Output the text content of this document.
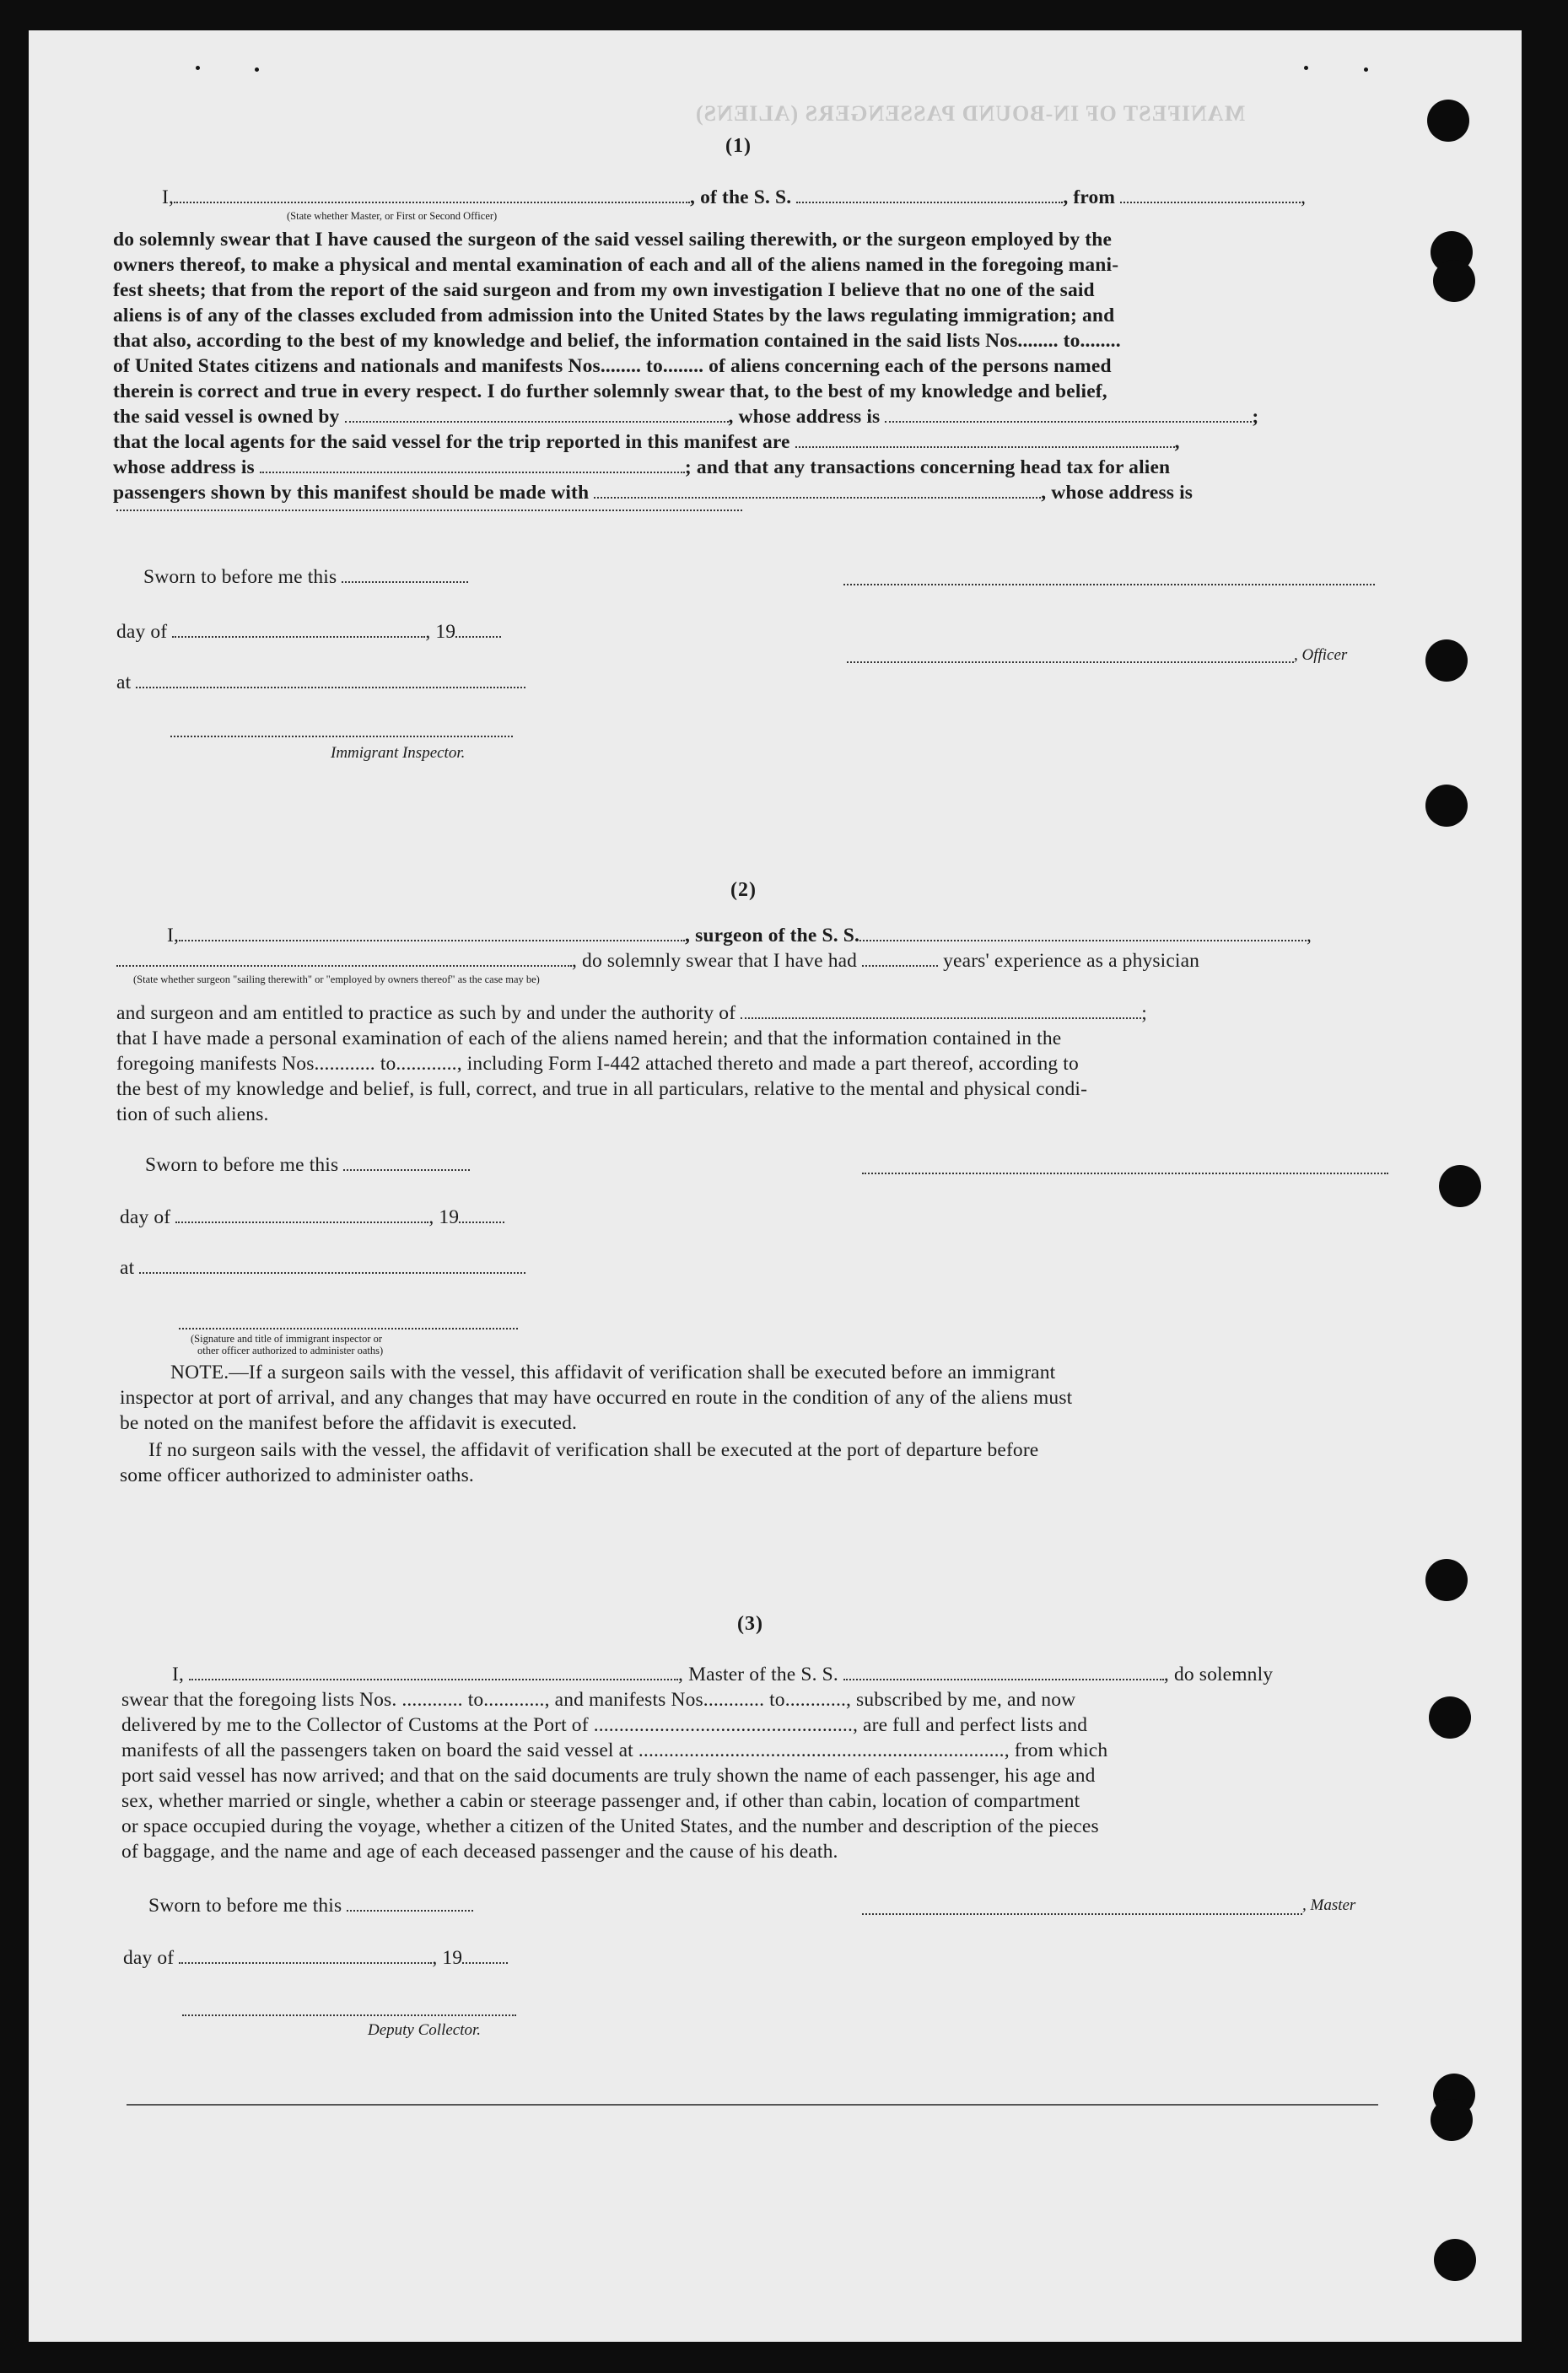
MANIFEST OF IN-BOUND PASSENGERS (ALIENS)
(1)
I,	, of the S. S.	, from	,
(State whether Master, or First or Second Officer)
do solemnly swear that I have caused the surgeon of the said vessel sailing therewith, or the surgeon employed by the
owners thereof, to make a physical and mental examination of each and all of the aliens named in the foregoing mani-
fest sheets; that from the report of the said surgeon and from my own investigation I believe that no one of the said
aliens is of any of the classes excluded from admission into the United States by the laws regulating immigration; and
that also, according to the best of my knowledge and belief, the information contained in the said lists Nos........ to........
of United States citizens and nationals and manifests Nos........ to........ of aliens concerning each of the persons named
therein is correct and true in every respect. I do further solemnly swear that, to the best of my knowledge and belief,
the said vessel is owned by	, whose address is	;
that the local agents for the said vessel for the trip reported in this manifest are	,
whose address is	; and that any transactions concerning head tax for alien
passengers shown by this manifest should be made with	, whose address is
Sworn to before me this
day of	, 19
, Officer
at
Immigrant Inspector.
(2)
I,	, surgeon of the S. S.	,
, do solemnly swear that I have had	years' experience as a physician
(State whether surgeon "sailing therewith" or "employed by owners thereof" as the case may be)
and surgeon and am entitled to practice as such by and under the authority of	;
that I have made a personal examination of each of the aliens named herein; and that the information contained in the
foregoing manifests Nos............ to............, including Form I-442 attached thereto and made a part thereof, according to
the best of my knowledge and belief, is full, correct, and true in all particulars, relative to the mental and physical condi-
tion of such aliens.
Sworn to before me this
day of	, 19
at
(Signature and title of immigrant inspector or
other officer authorized to administer oaths)
NOTE.—If a surgeon sails with the vessel, this affidavit of verification shall be executed before an immigrant
inspector at port of arrival, and any changes that may have occurred en route in the condition of any of the aliens must
be noted on the manifest before the affidavit is executed.
If no surgeon sails with the vessel, the affidavit of verification shall be executed at the port of departure before
some officer authorized to administer oaths.
(3)
I,	, Master of the S. S.	, do solemnly
swear that the foregoing lists Nos. ............ to............, and manifests Nos............ to............, subscribed by me, and now
delivered by me to the Collector of Customs at the Port of ..................................................., are full and perfect lists and
manifests of all the passengers taken on board the said vessel at ........................................................................, from which
port said vessel has now arrived; and that on the said documents are truly shown the name of each passenger, his age and
sex, whether married or single, whether a cabin or steerage passenger and, if other than cabin, location of compartment
or space occupied during the voyage, whether a citizen of the United States, and the number and description of the pieces
of baggage, and the name and age of each deceased passenger and the cause of his death.
Sworn to before me this	, Master
day of	, 19
Deputy Collector.
